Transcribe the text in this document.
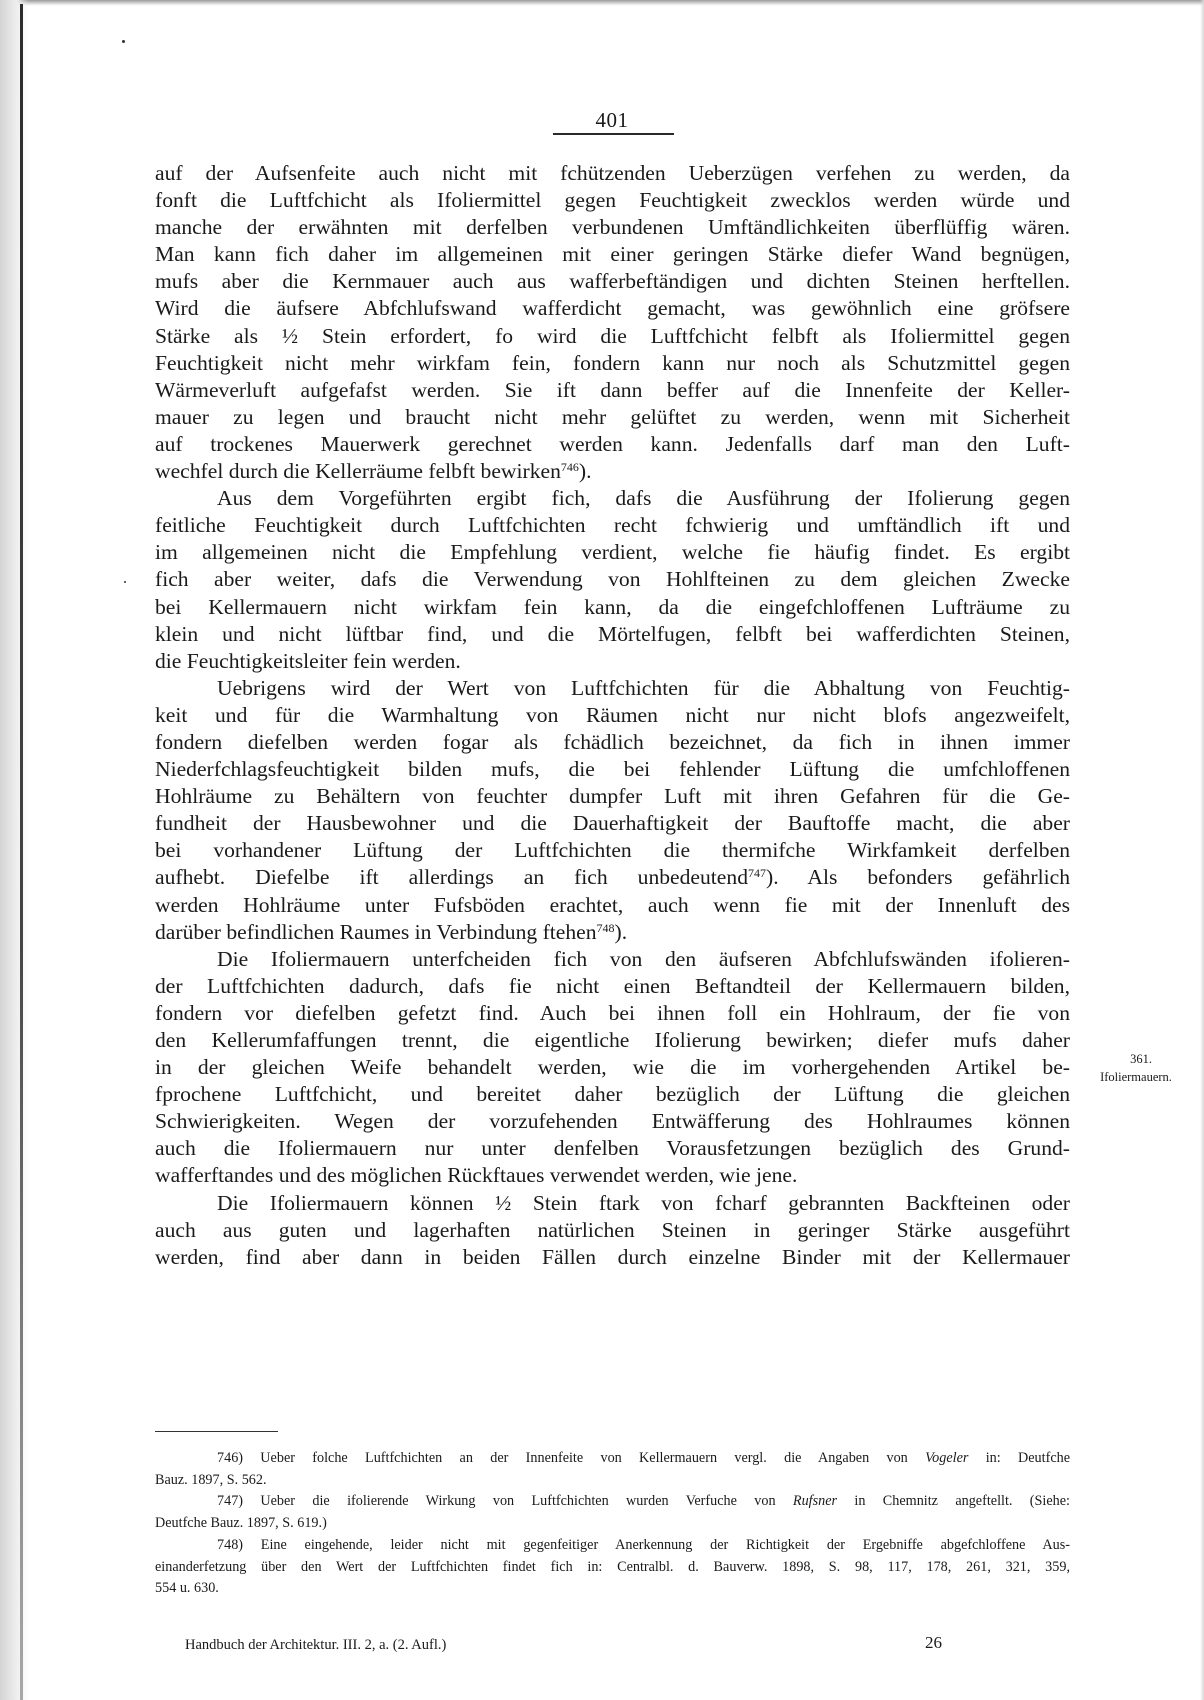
401
auf der Aufsenfeite auch nicht mit fchützenden Ueberzügen verfehen zu werden, da
fonft die Luftfchicht als Ifoliermittel gegen Feuchtigkeit zwecklos werden würde und
manche der erwähnten mit derfelben verbundenen Umftändlichkeiten überflüffig wären.
Man kann fich daher im allgemeinen mit einer geringen Stärke diefer Wand begnügen,
mufs aber die Kernmauer auch aus wafferbeftändigen und dichten Steinen herftellen.
Wird die äufsere Abfchlufswand wafferdicht gemacht, was gewöhnlich eine gröfsere
Stärke als ½ Stein erfordert, fo wird die Luftfchicht felbft als Ifoliermittel gegen
Feuchtigkeit nicht mehr wirkfam fein, fondern kann nur noch als Schutzmittel gegen
Wärmeverluft aufgefafst werden. Sie ift dann beffer auf die Innenfeite der Keller-
mauer zu legen und braucht nicht mehr gelüftet zu werden, wenn mit Sicherheit
auf trockenes Mauerwerk gerechnet werden kann. Jedenfalls darf man den Luft-
wechfel durch die Kellerräume felbft bewirken$^{746}$).
Aus dem Vorgeführten ergibt fich, dafs die Ausführung der Ifolierung gegen
feitliche Feuchtigkeit durch Luftfchichten recht fchwierig und umftändlich ift und
im allgemeinen nicht die Empfehlung verdient, welche fie häufig findet. Es ergibt
fich aber weiter, dafs die Verwendung von Hohlfteinen zu dem gleichen Zwecke
bei Kellermauern nicht wirkfam fein kann, da die eingefchloffenen Lufträume zu
klein und nicht lüftbar find, und die Mörtelfugen, felbft bei wafferdichten Steinen,
die Feuchtigkeitsleiter fein werden.
Uebrigens wird der Wert von Luftfchichten für die Abhaltung von Feuchtig-
keit und für die Warmhaltung von Räumen nicht nur nicht blofs angezweifelt,
fondern diefelben werden fogar als fchädlich bezeichnet, da fich in ihnen immer
Niederfchlagsfeuchtigkeit bilden mufs, die bei fehlender Lüftung die umfchloffenen
Hohlräume zu Behältern von feuchter dumpfer Luft mit ihren Gefahren für die Ge-
fundheit der Hausbewohner und die Dauerhaftigkeit der Bauftoffe macht, die aber
bei vorhandener Lüftung der Luftfchichten die thermifche Wirkfamkeit derfelben
aufhebt. Diefelbe ift allerdings an fich unbedeutend$^{747}$). Als befonders gefährlich
werden Hohlräume unter Fufsböden erachtet, auch wenn fie mit der Innenluft des
darüber befindlichen Raumes in Verbindung ftehen$^{748}$).
Die Ifoliermauern unterfcheiden fich von den äufseren Abfchlufswänden ifolieren-
der Luftfchichten dadurch, dafs fie nicht einen Beftandteil der Kellermauern bilden,
fondern vor diefelben gefetzt find. Auch bei ihnen foll ein Hohlraum, der fie von
den Kellerumfaffungen trennt, die eigentliche Ifolierung bewirken; diefer mufs daher
in der gleichen Weife behandelt werden, wie die im vorhergehenden Artikel be-
fprochene Luftfchicht, und bereitet daher bezüglich der Lüftung die gleichen
Schwierigkeiten. Wegen der vorzufehenden Entwäfferung des Hohlraumes können
auch die Ifoliermauern nur unter denfelben Vorausfetzungen bezüglich des Grund-
wafferftandes und des möglichen Rückftaues verwendet werden, wie jene.
Die Ifoliermauern können ½ Stein ftark von fcharf gebrannten Backfteinen oder
auch aus guten und lagerhaften natürlichen Steinen in geringer Stärke ausgeführt
werden, find aber dann in beiden Fällen durch einzelne Binder mit der Kellermauer
361.
Ifoliermauern.
746) Ueber folche Luftfchichten an der Innenfeite von Kellermauern vergl. die Angaben von Vogeler in: Deutfche
Bauz. 1897, S. 562.
747) Ueber die ifolierende Wirkung von Luftfchichten wurden Verfuche von Rufsner in Chemnitz angeftellt. (Siehe:
Deutfche Bauz. 1897, S. 619.)
748) Eine eingehende, leider nicht mit gegenfeitiger Anerkennung der Richtigkeit der Ergebniffe abgefchloffene Aus-
einanderfetzung über den Wert der Luftfchichten findet fich in: Centralbl. d. Bauverw. 1898, S. 98, 117, 178, 261, 321, 359,
554 u. 630.
Handbuch der Architektur. III. 2, a. (2. Aufl.)	26
